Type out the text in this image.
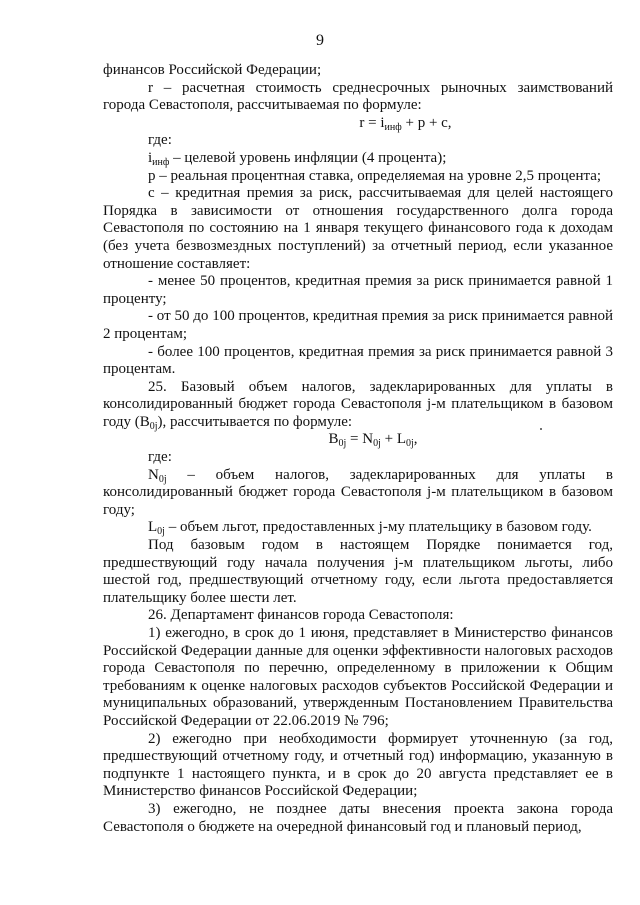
9

финансов Российской Федерации;

r – расчетная стоимость среднесрочных рыночных заимствований города Севастополя, рассчитываемая по формуле:

$r = i_{инф} + p + c$,

где:

$i_{инф}$ – целевой уровень инфляции (4 процента);

p – реальная процентная ставка, определяемая на уровне 2,5 процента;

c – кредитная премия за риск, рассчитываемая для целей настоящего Порядка в зависимости от отношения государственного долга города Севастополя по состоянию на 1 января текущего финансового года к доходам (без учета безвозмездных поступлений) за отчетный период, если указанное отношение составляет:

- менее 50 процентов, кредитная премия за риск принимается равной 1 проценту;

- от 50 до 100 процентов, кредитная премия за риск принимается равной 2 процентам;

- более 100 процентов, кредитная премия за риск принимается равной 3 процентам.

25. Базовый объем налогов, задекларированных для уплаты в консолидированный бюджет города Севастополя j-м плательщиком в базовом году $(B_{0j})$, рассчитывается по формуле:

$B_{0j} = N_{0j} + L_{0j}$,

где:

$N_{0j}$ – объем налогов, задекларированных для уплаты в консолидированный бюджет города Севастополя j-м плательщиком в базовом году;

$L_{0j}$ – объем льгот, предоставленных j-му плательщику в базовом году.

Под базовым годом в настоящем Порядке понимается год, предшествующий году начала получения j-м плательщиком льготы, либо шестой год, предшествующий отчетному году, если льгота предоставляется плательщику более шести лет.

26. Департамент финансов города Севастополя:

1) ежегодно, в срок до 1 июня, представляет в Министерство финансов Российской Федерации данные для оценки эффективности налоговых расходов города Севастополя по перечню, определенному в приложении к Общим требованиям к оценке налоговых расходов субъектов Российской Федерации и муниципальных образований, утвержденным Постановлением Правительства Российской Федерации от 22.06.2019 № 796;

2) ежегодно при необходимости формирует уточненную (за год, предшествующий отчетному году, и отчетный год) информацию, указанную в подпункте 1 настоящего пункта, и в срок до 20 августа представляет ее в Министерство финансов Российской Федерации;

3) ежегодно, не позднее даты внесения проекта закона города Севастополя о бюджете на очередной финансовый год и плановый период,
